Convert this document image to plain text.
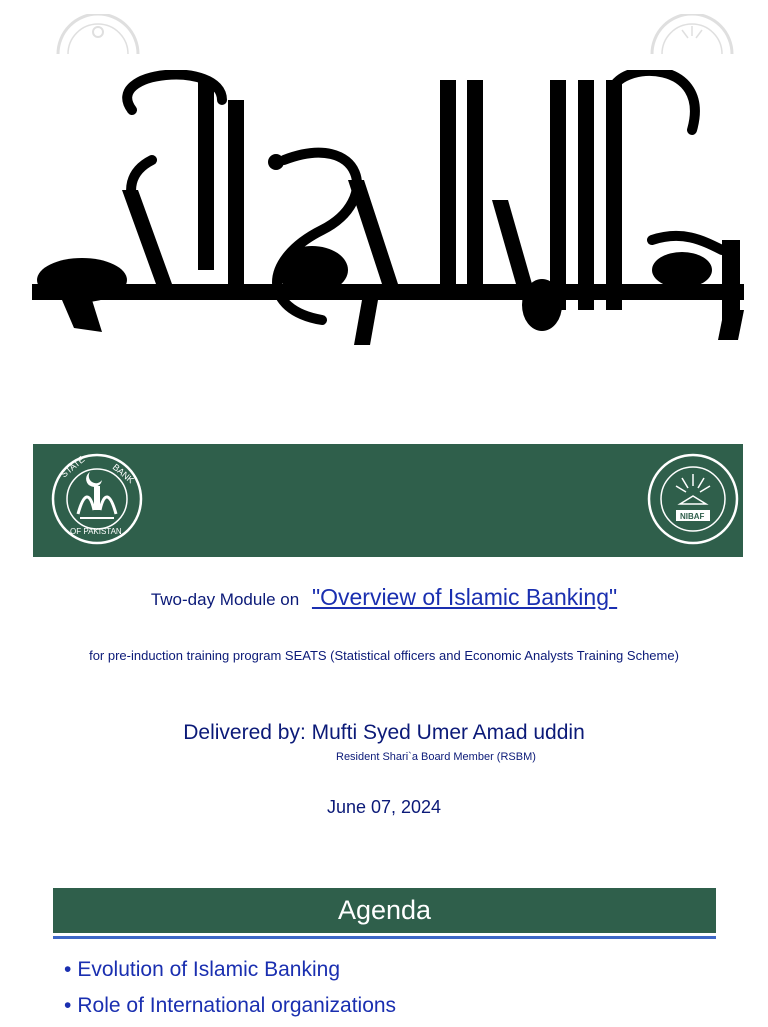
STATE	BANK
OF PAKISTAN
NIBAF
Two-day Module on "Overview of Islamic Banking"
for pre-induction training program SEATS (Statistical officers and Economic Analysts Training Scheme)
Delivered by: Mufti Syed Umer Amad uddin
Resident Shari`a Board Member (RSBM)
June 07, 2024
Agenda
• Evolution of Islamic Banking
• Role of International organizations
